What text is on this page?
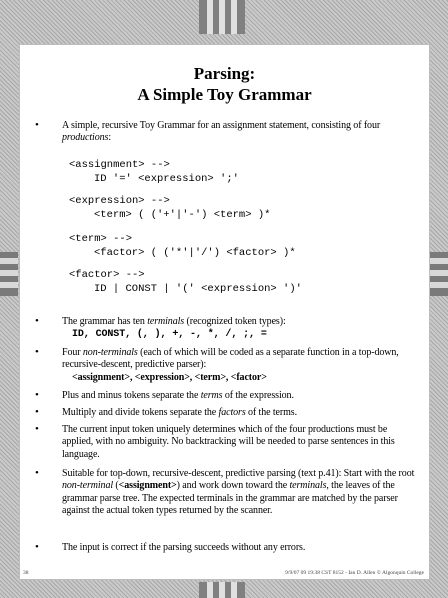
Parsing:
A Simple Toy Grammar
• A simple, recursive Toy Grammar for an assignment statement, consisting of four productions:
<assignment> -->
ID '=' <expression> ';'
<expression> -->
<term> ( ('+'|'-') <term> )*
<term> -->
<factor> ( ('*'|'/') <factor> )*
<factor> -->
ID | CONST | '(' <expression> ')'
• The grammar has ten terminals (recognized token types):
ID, CONST, (, ), +, -, *, /, ;, =
• Four non-terminals (each of which will be coded as a separate function in a top-down, recursive-descent, predictive parser):
<assignment>, <expression>, <term>, <factor>
• Plus and minus tokens separate the terms of the expression.
• Multiply and divide tokens separate the factors of the terms.
• The current input token uniquely determines which of the four productions must be applied, with no ambiguity. No backtracking will be needed to parse sentences in this language.
• Suitable for top-down, recursive-descent, predictive parsing (text p.41): Start with the root non-terminal (<assignment>) and work down toward the terminals, the leaves of the grammar parse tree. The expected terminals in the grammar are matched by the parser against the actual token types returned by the scanner.
• The input is correct if the parsing succeeds without any errors.
38	9/9/07 09 19:38 CST 8152 - Ian D. Allen © Algonquin College
